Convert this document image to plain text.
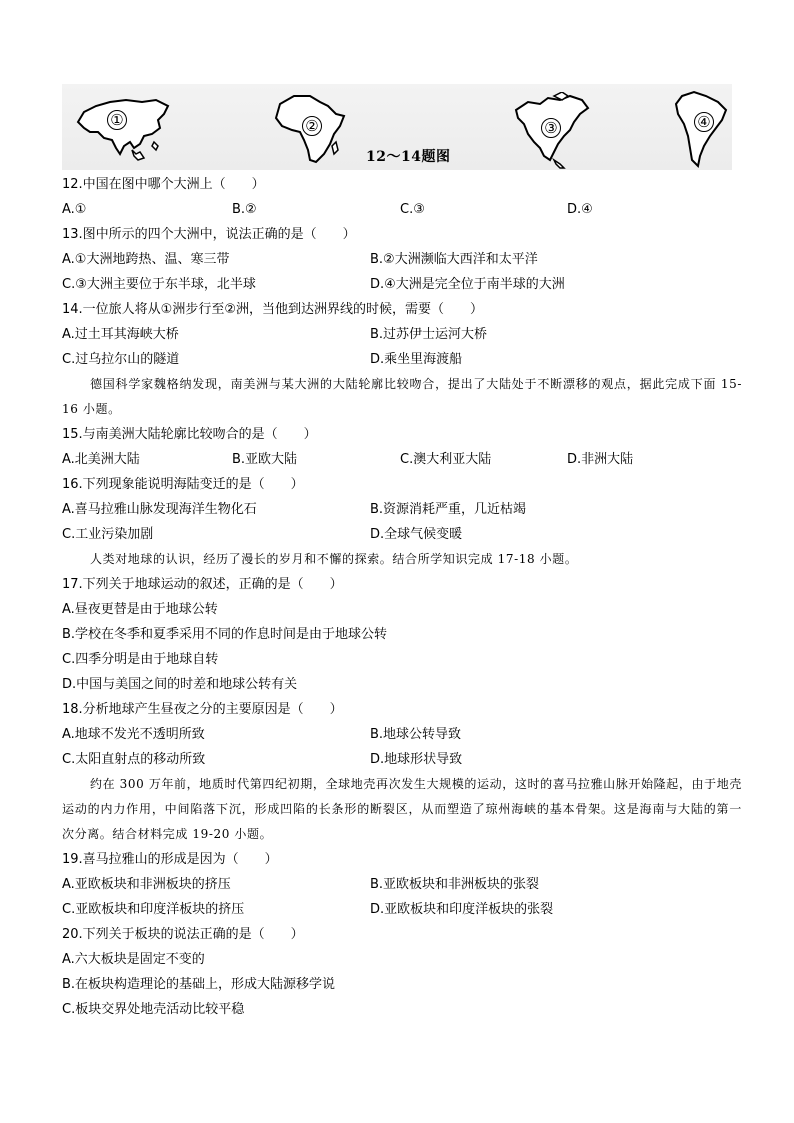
①	②	③	④
12～14题图
12.中国在图中哪个大洲上（　　）
A.①	B.②	C.③	D.④
13.图中所示的四个大洲中，说法正确的是（　　）
A.①大洲地跨热、温、寒三带	B.②大洲濒临大西洋和太平洋
C.③大洲主要位于东半球，北半球	D.④大洲是完全位于南半球的大洲
14.一位旅人将从①洲步行至②洲，当他到达洲界线的时候，需要（　　）
A.过土耳其海峡大桥	B.过苏伊士运河大桥
C.过乌拉尔山的隧道	D.乘坐里海渡船
德国科学家魏格纳发现，南美洲与某大洲的大陆轮廓比较吻合，提出了大陆处于不断漂移的观点，据此完成下面 15-16 小题。
15.与南美洲大陆轮廓比较吻合的是（　　）
A.北美洲大陆	B.亚欧大陆	C.澳大利亚大陆	D.非洲大陆
16.下列现象能说明海陆变迁的是（　　）
A.喜马拉雅山脉发现海洋生物化石	B.资源消耗严重，几近枯竭
C.工业污染加剧	D.全球气候变暖
人类对地球的认识，经历了漫长的岁月和不懈的探索。结合所学知识完成 17-18 小题。
17.下列关于地球运动的叙述，正确的是（　　）
A.昼夜更替是由于地球公转
B.学校在冬季和夏季采用不同的作息时间是由于地球公转
C.四季分明是由于地球自转
D.中国与美国之间的时差和地球公转有关
18.分析地球产生昼夜之分的主要原因是（　　）
A.地球不发光不透明所致	B.地球公转导致
C.太阳直射点的移动所致	D.地球形状导致
约在 300 万年前，地质时代第四纪初期，全球地壳再次发生大规模的运动，这时的喜马拉雅山脉开始隆起，由于地壳运动的内力作用，中间陷落下沉，形成凹陷的长条形的断裂区，从而塑造了琼州海峡的基本骨架。这是海南与大陆的第一次分离。结合材料完成 19-20 小题。
19.喜马拉雅山的形成是因为（　　）
A.亚欧板块和非洲板块的挤压	B.亚欧板块和非洲板块的张裂
C.亚欧板块和印度洋板块的挤压	D.亚欧板块和印度洋板块的张裂
20.下列关于板块的说法正确的是（　　）
A.六大板块是固定不变的
B.在板块构造理论的基础上，形成大陆源移学说
C.板块交界处地壳活动比较平稳
